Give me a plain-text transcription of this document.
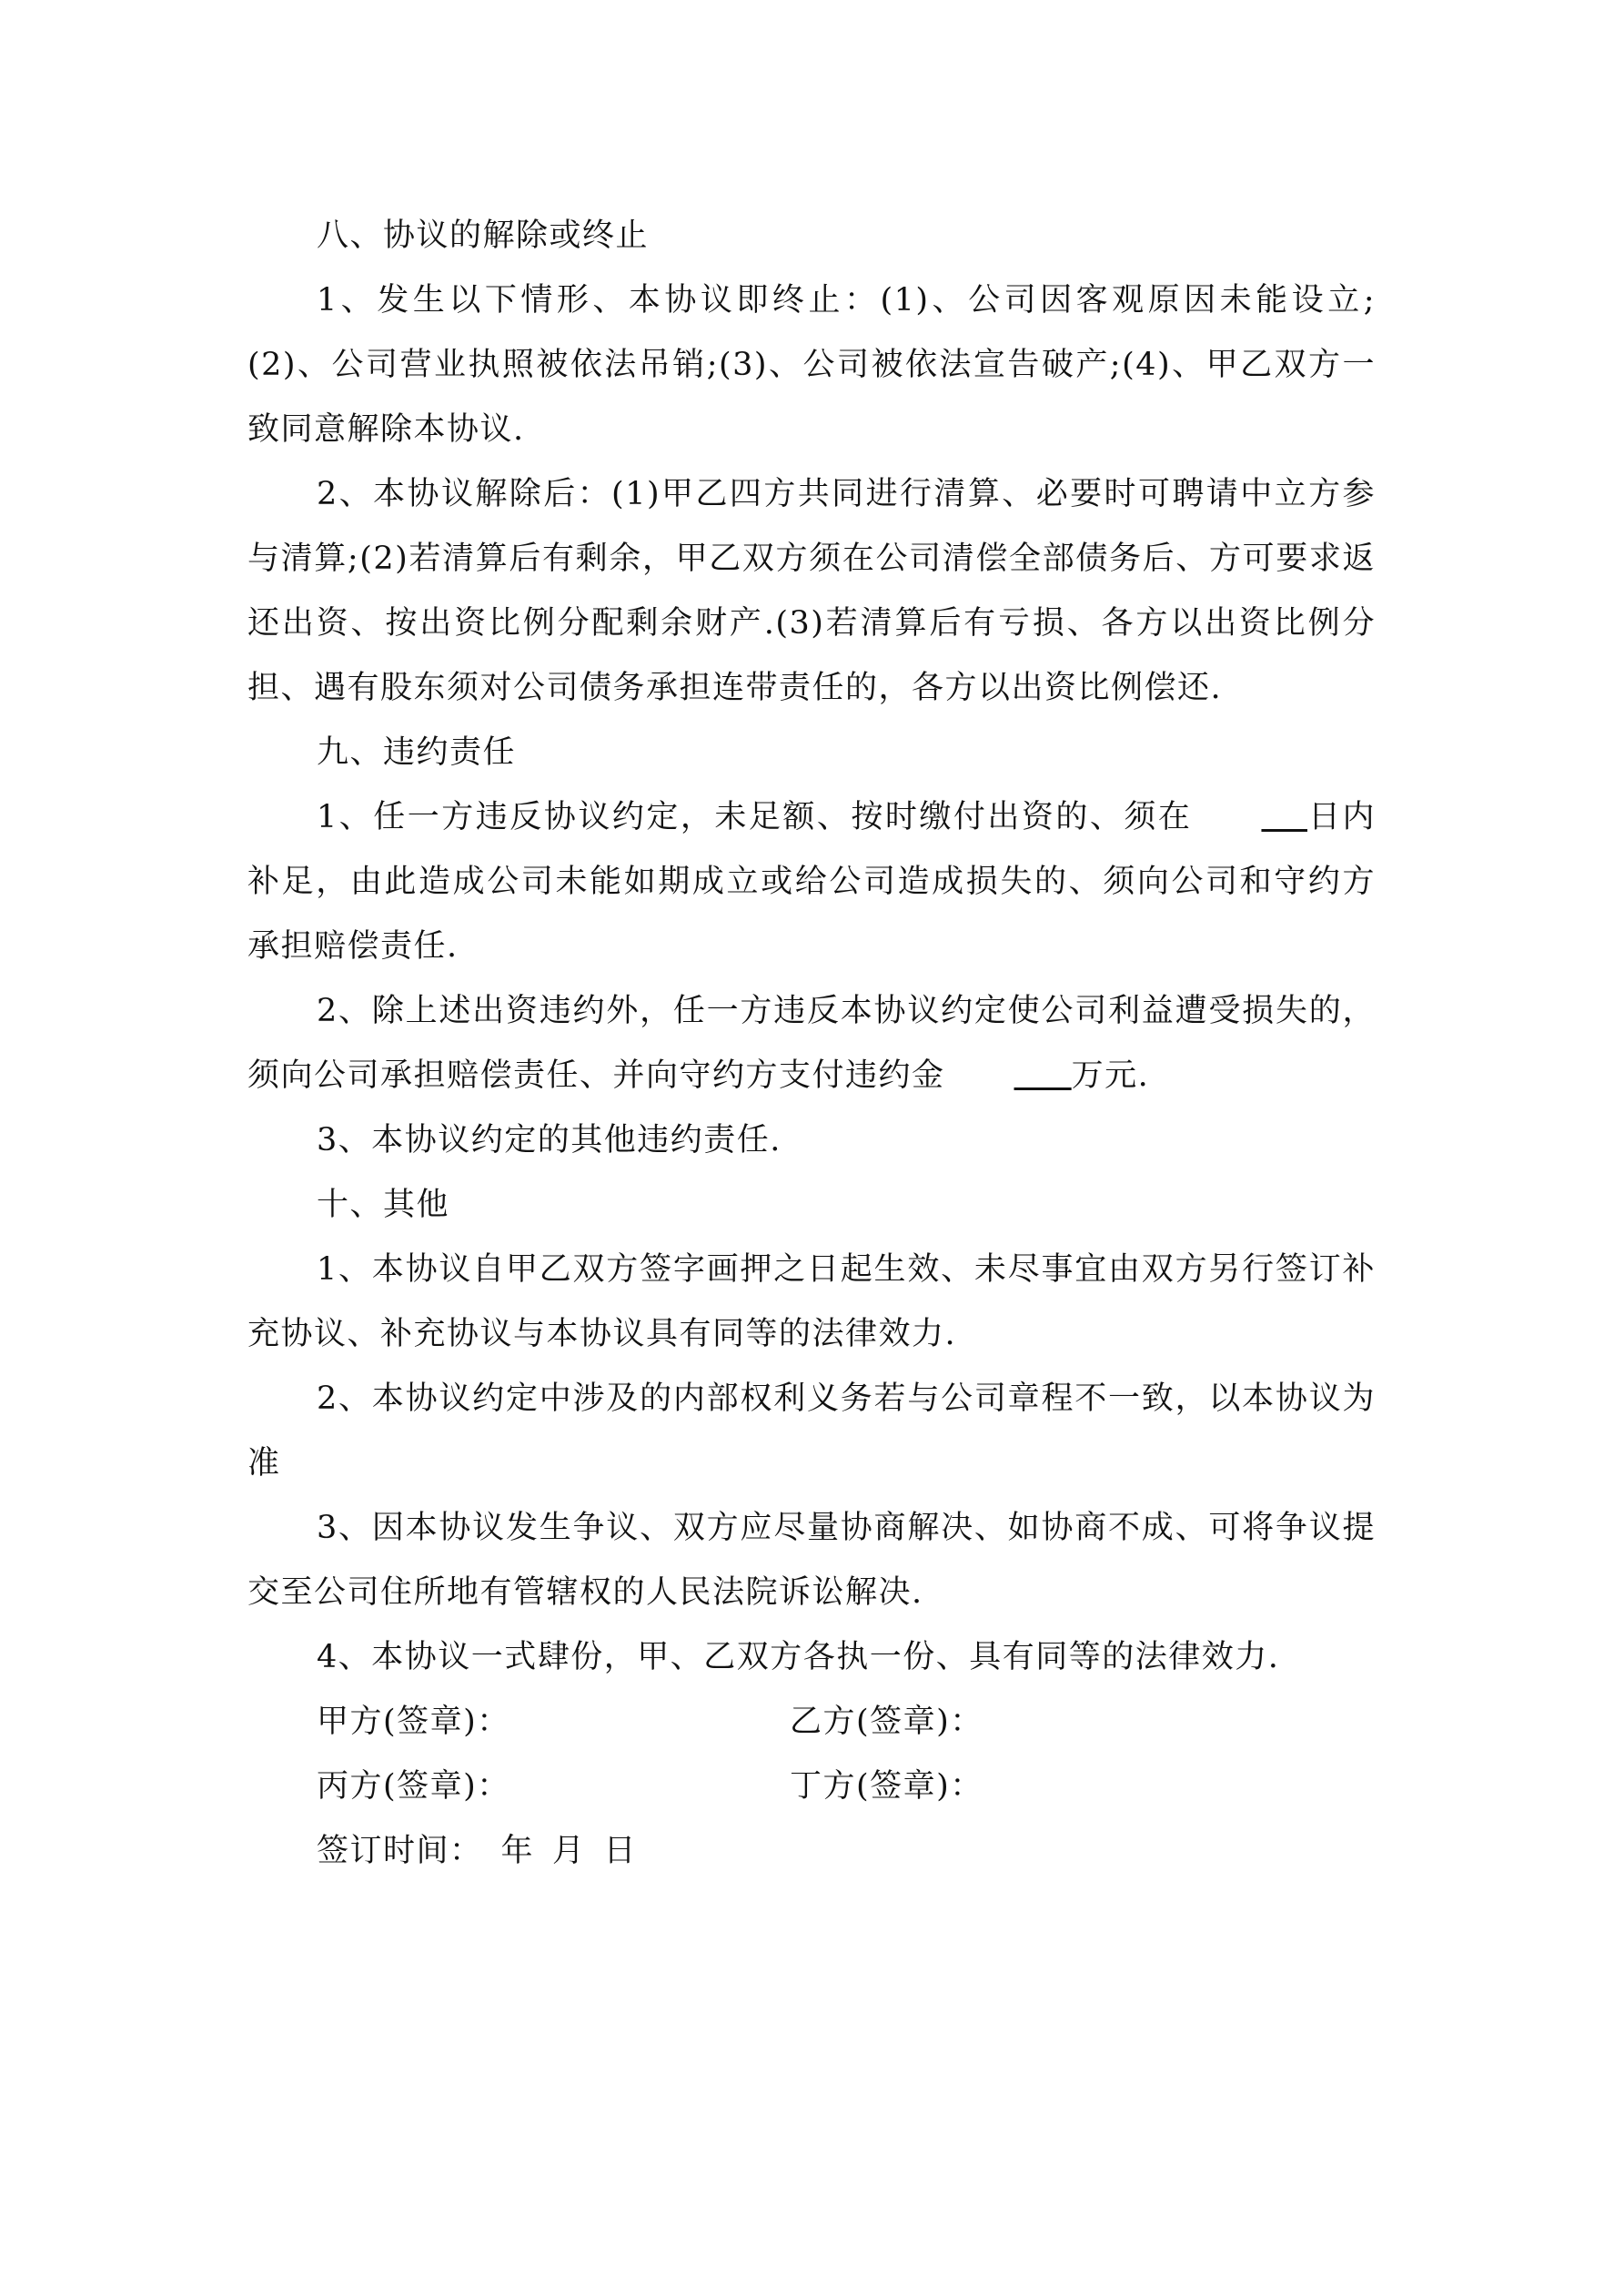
八、协议的解除或终止

1、发生以下情形、本协议即终止：(1)、公司因客观原因未能设立;(2)、公司营业执照被依法吊销;(3)、公司被依法宣告破产;(4)、甲乙双方一致同意解除本协议.

2、本协议解除后：(1)甲乙四方共同进行清算、必要时可聘请中立方参与清算;(2)若清算后有剩余，甲乙双方须在公司清偿全部债务后、方可要求返还出资、按出资比例分配剩余财产.(3)若清算后有亏损、各方以出资比例分担、遇有股东须对公司债务承担连带责任的，各方以出资比例偿还.

九、违约责任

1、任一方违反协议约定，未足额、按时缴付出资的、须在	日内补足，由此造成公司未能如期成立或给公司造成损失的、须向公司和守约方承担赔偿责任.

2、除上述出资违约外，任一方违反本协议约定使公司利益遭受损失的，须向公司承担赔偿责任、并向守约方支付违约金	万元.

3、本协议约定的其他违约责任.

十、其他

1、本协议自甲乙双方签字画押之日起生效、未尽事宜由双方另行签订补充协议、补充协议与本协议具有同等的法律效力.

2、本协议约定中涉及的内部权利义务若与公司章程不一致，以本协议为准

3、因本协议发生争议、双方应尽量协商解决、如协商不成、可将争议提交至公司住所地有管辖权的人民法院诉讼解决.

4、本协议一式肆份，甲、乙双方各执一份、具有同等的法律效力.

甲方(签章)：	乙方(签章)：
丙方(签章)：	丁方(签章)：
签订时间： 年 月 日
